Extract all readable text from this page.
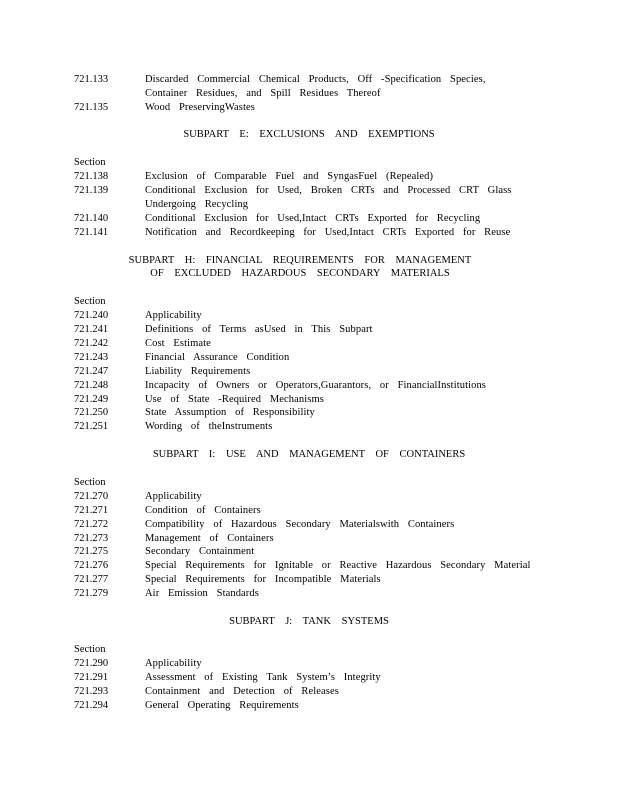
721.133	Discarded Commercial Chemical Products, Off -Specification Species, Container Residues, and Spill Residues Thereof
721.135	Wood PreservingWastes
SUBPART E: EXCLUSIONS AND EXEMPTIONS
Section
721.138	Exclusion of Comparable Fuel and SyngasFuel (Repealed)
721.139	Conditional Exclusion for Used, Broken CRTs and Processed CRT Glass Undergoing Recycling
721.140	Conditional Exclusion for Used,Intact CRTs Exported for Recycling
721.141	Notification and Recordkeeping for Used,Intact CRTs Exported for Reuse
SUBPART H: FINANCIAL REQUIREMENTS FOR MANAGEMENT
OF EXCLUDED HAZARDOUS SECONDARY MATERIALS
Section
721.240	Applicability
721.241	Definitions of Terms asUsed in This Subpart
721.242	Cost Estimate
721.243	Financial Assurance Condition
721.247	Liability Requirements
721.248	Incapacity of Owners or Operators,Guarantors, or FinancialInstitutions
721.249	Use of State -Required Mechanisms
721.250	State Assumption of Responsibility
721.251	Wording of theInstruments
SUBPART I: USE AND MANAGEMENT OF CONTAINERS
Section
721.270	Applicability
721.271	Condition of Containers
721.272	Compatibility of Hazardous Secondary Materialswith Containers
721.273	Management of Containers
721.275	Secondary Containment
721.276	Special Requirements for Ignitable or Reactive Hazardous Secondary Material
721.277	Special Requirements for Incompatible Materials
721.279	Air Emission Standards
SUBPART J: TANK SYSTEMS
Section
721.290	Applicability
721.291	Assessment of Existing Tank System’s Integrity
721.293	Containment and Detection of Releases
721.294	General Operating Requirements
